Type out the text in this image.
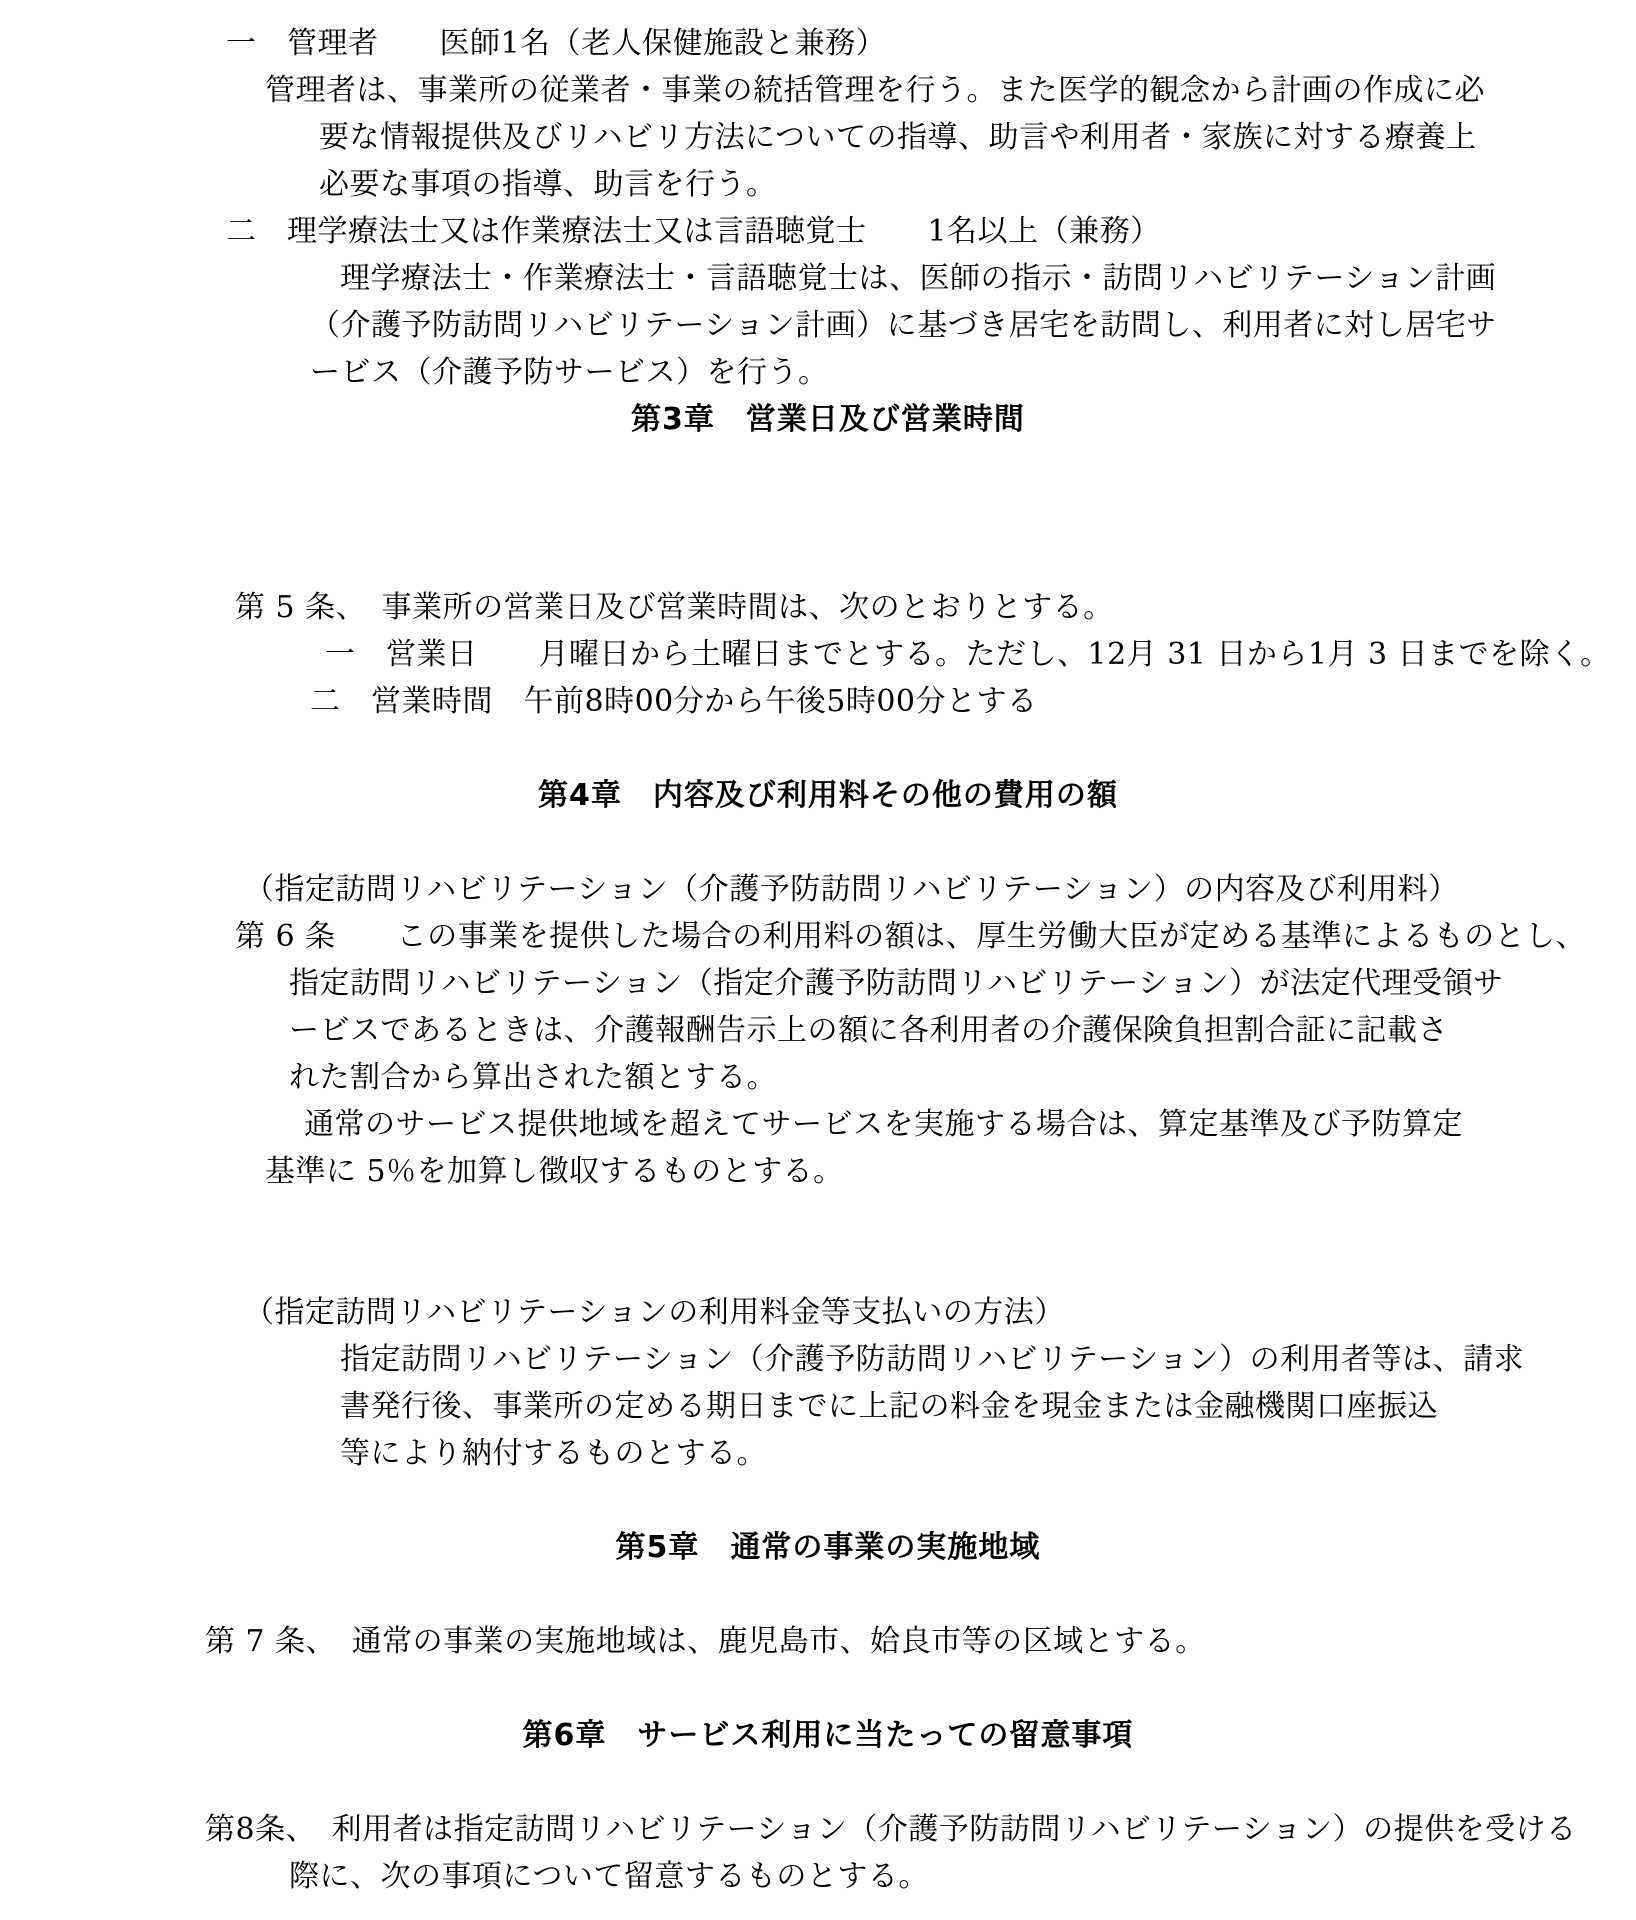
一　管理者　　医師1名（老人保健施設と兼務）
管理者は、事業所の従業者・事業の統括管理を行う。また医学的観念から計画の作成に必
要な情報提供及びリハビリ方法についての指導、助言や利用者・家族に対する療養上
必要な事項の指導、助言を行う。
二　理学療法士又は作業療法士又は言語聴覚士　　1名以上（兼務）
理学療法士・作業療法士・言語聴覚士は、医師の指示・訪問リハビリテーション計画
（介護予防訪問リハビリテーション計画）に基づき居宅を訪問し、利用者に対し居宅サ
ービス（介護予防サービス）を行う。
第3章　営業日及び営業時間
第 5 条、　事業所の営業日及び営業時間は、次のとおりとする。
一　営業日　　月曜日から土曜日までとする。ただし、12月 31 日から1月 3 日までを除く。
二　営業時間　午前8時00分から午後5時00分とする
第4章　内容及び利用料その他の費用の額
（指定訪問リハビリテーション（介護予防訪問リハビリテーション）の内容及び利用料）
第 6 条　　この事業を提供した場合の利用料の額は、厚生労働大臣が定める基準によるものとし、
指定訪問リハビリテーション（指定介護予防訪問リハビリテーション）が法定代理受領サ
ービスであるときは、介護報酬告示上の額に各利用者の介護保険負担割合証に記載さ
れた割合から算出された額とする。
通常のサービス提供地域を超えてサービスを実施する場合は、算定基準及び予防算定
基準に 5％を加算し徴収するものとする。
（指定訪問リハビリテーションの利用料金等支払いの方法）
指定訪問リハビリテーション（介護予防訪問リハビリテーション）の利用者等は、請求
書発行後、事業所の定める期日までに上記の料金を現金または金融機関口座振込
等により納付するものとする。
第5章　通常の事業の実施地域
第 7 条、　通常の事業の実施地域は、鹿児島市、姶良市等の区域とする。
第6章　サービス利用に当たっての留意事項
第8条、　利用者は指定訪問リハビリテーション（介護予防訪問リハビリテーション）の提供を受ける
際に、次の事項について留意するものとする。
